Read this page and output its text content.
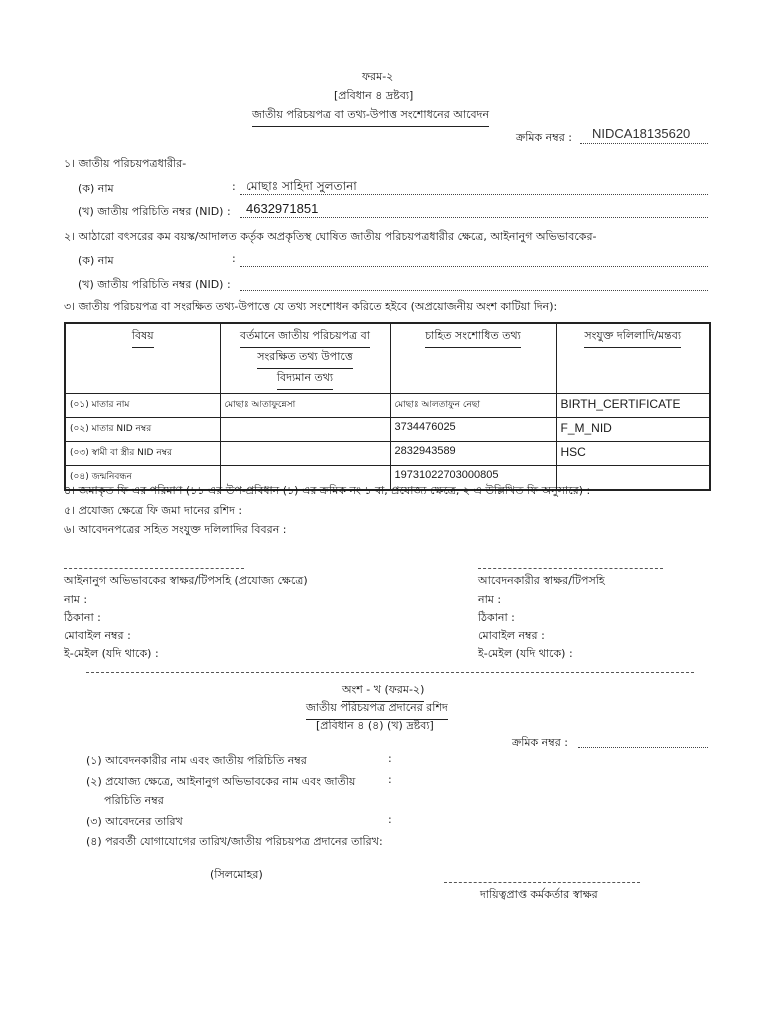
ফরম-২
[প্রবিধান ৪ দ্রষ্টব্য]
জাতীয় পরিচয়পত্র বা তথ্য-উপাত্ত সংশোধনের আবেদন
ক্রমিক নম্বর : NIDCA18135620
১। জাতীয় পরিচয়পত্রধারীর-
(ক) নাম	: মোছাঃ সাহিদা সুলতানা
(খ) জাতীয় পরিচিতি নম্বর (NID) : 4632971851
২। আঠারো বৎসরের কম বয়স্ক/আদালত কর্তৃক অপ্রকৃতিস্থ ঘোষিত জাতীয় পরিচয়পত্রধারীর ক্ষেত্রে, আইনানুগ অভিভাবকের-
(ক) নাম	:
(খ) জাতীয় পরিচিতি নম্বর (NID) :
৩। জাতীয় পরিচয়পত্র বা সংরক্ষিত তথ্য-উপাত্তে যে তথ্য সংশোধন করিতে হইবে (অপ্রয়োজনীয় অংশ কাটিয়া দিন):
বিষয়	বর্তমানে জাতীয় পরিচয়পত্র বা
সংরক্ষিত তথ্য উপাত্তে
বিদ্যমান তথ্য	চাহিত সংশোধিত তথ্য	সংযুক্ত দলিলাদি/মন্তব্য
(০১) মাতার নাম	মোছাঃ আতাফুন্নেসা	মোছাঃ আলতাফুন নেছা	BIRTH_CERTIFICATE
(০২) মাতার NID নম্বর		3734476025	F_M_NID
(০৩) স্বামী বা স্ত্রীর NID নম্বর		2832943589	HSC
(০৪) জন্মনিবন্ধন		19731022703000805	
৪। জমাকৃত ফি এর পরিমাণ (১১ এর উপ-প্রবিধান (১) এর ক্রমিক নং ১ বা, প্রযোজ্য ক্ষেত্রে, ২ এ উল্লিখিত ফি অনুসারে) :
৫। প্রযোজ্য ক্ষেত্রে ফি জমা দানের রশিদ :
৬। আবেদনপত্রের সহিত সংযুক্ত দলিলাদির বিবরন :
আইনানুগ অভিভাবকের স্বাক্ষর/টিপসহি (প্রযোজ্য ক্ষেত্রে)
নাম :
ঠিকানা :
মোবাইল নম্বর :
ই-মেইল (যদি থাকে) :
আবেদনকারীর স্বাক্ষর/টিপসহি
নাম :
ঠিকানা :
মোবাইল নম্বর :
ই-মেইল (যদি থাকে) :
অংশ - খ (ফরম-২)
জাতীয় পরিচয়পত্র প্রদানের রশিদ
[প্রবিধান ৪ (৪) (খ) দ্রষ্টব্য]
ক্রমিক নম্বর :
(১) আবেদনকারীর নাম এবং জাতীয় পরিচিতি নম্বর	:
(২) প্রযোজ্য ক্ষেত্রে, আইনানুগ অভিভাবকের নাম এবং জাতীয়	:
পরিচিতি নম্বর
(৩) আবেদনের তারিখ	:
(৪) পরবর্তী যোগাযোগের তারিখ/জাতীয় পরিচয়পত্র প্রদানের তারিখ:
(সিলমোহর)
দায়িত্বপ্রাপ্ত কর্মকর্তার স্বাক্ষর
